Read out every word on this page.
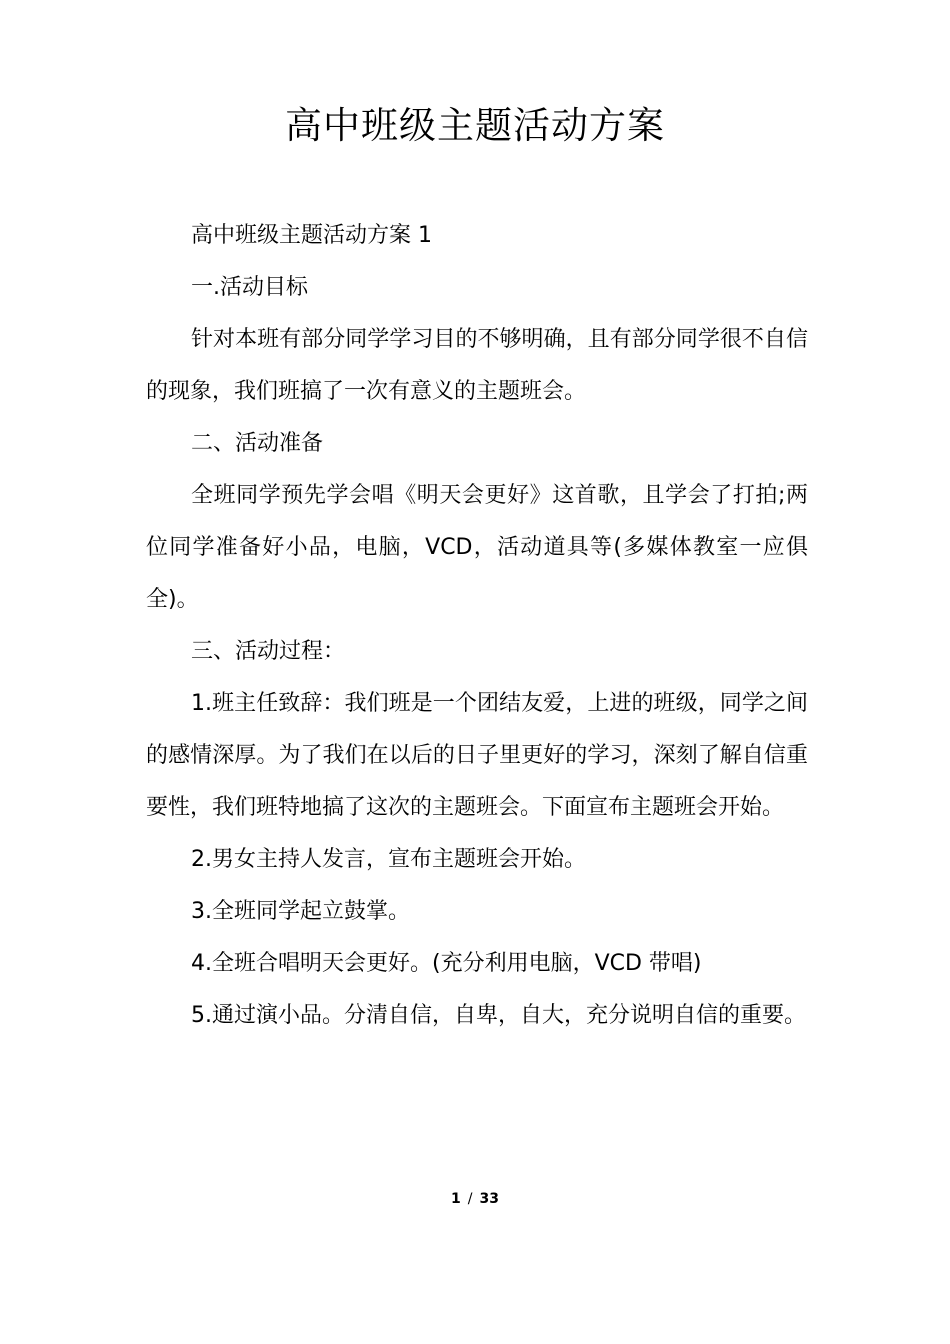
高中班级主题活动方案

高中班级主题活动方案 1

一.活动目标

针对本班有部分同学学习目的不够明确，且有部分同学很不自信的现象，我们班搞了一次有意义的主题班会。

二、活动准备

全班同学预先学会唱《明天会更好》这首歌，且学会了打拍;两位同学准备好小品，电脑，VCD，活动道具等(多媒体教室一应俱全)。

三、活动过程：

1.班主任致辞：我们班是一个团结友爱，上进的班级，同学之间的感情深厚。为了我们在以后的日子里更好的学习，深刻了解自信重要性，我们班特地搞了这次的主题班会。下面宣布主题班会开始。

2.男女主持人发言，宣布主题班会开始。

3.全班同学起立鼓掌。

4.全班合唱明天会更好。(充分利用电脑，VCD 带唱)

5.通过演小品。分清自信，自卑，自大，充分说明自信的重要。

1 / 33
